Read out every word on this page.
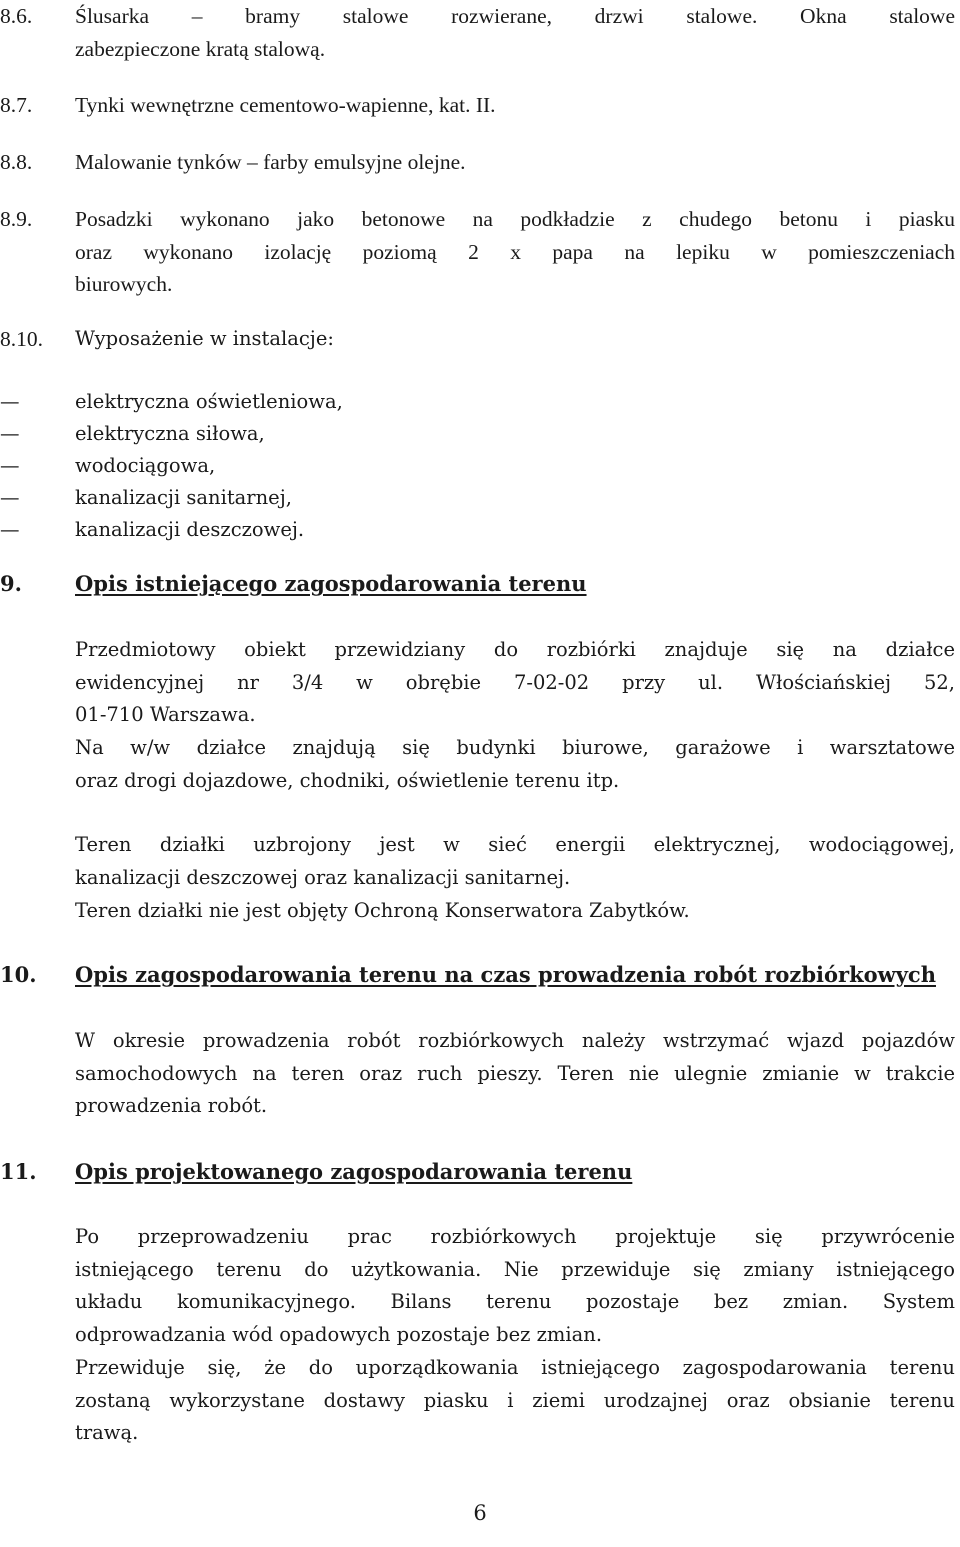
8.6. Ślusarka – bramy stalowe rozwierane, drzwi stalowe. Okna stalowe
zabezpieczone kratą stalową.
8.7. Tynki wewnętrzne cementowo-wapienne, kat. II.
8.8. Malowanie tynków – farby emulsyjne olejne.
8.9. Posadzki wykonano jako betonowe na podkładzie z chudego betonu i piasku
oraz wykonano izolację poziomą 2 x papa na lepiku w pomieszczeniach
biurowych.
8.10. Wyposażenie w instalacje:
—	elektryczna oświetleniowa,
—	elektryczna siłowa,
—	wodociągowa,
—	kanalizacji sanitarnej,
—	kanalizacji deszczowej.
9.	Opis istniejącego zagospodarowania terenu
Przedmiotowy obiekt przewidziany do rozbiórki znajduje się na działce
ewidencyjnej nr 3/4 w obrębie 7-02-02 przy ul. Włościańskiej 52,
01-710 Warszawa.
Na w/w działce znajdują się budynki biurowe, garażowe i warsztatowe
oraz drogi dojazdowe, chodniki, oświetlenie terenu itp.
Teren działki uzbrojony jest w sieć energii elektrycznej, wodociągowej,
kanalizacji deszczowej oraz kanalizacji sanitarnej.
Teren działki nie jest objęty Ochroną Konserwatora Zabytków.
10. Opis zagospodarowania terenu na czas prowadzenia robót rozbiórkowych
W okresie prowadzenia robót rozbiórkowych należy wstrzymać wjazd pojazdów
samochodowych na teren oraz ruch pieszy. Teren nie ulegnie zmianie w trakcie
prowadzenia robót.
11. Opis projektowanego zagospodarowania terenu
Po przeprowadzeniu prac rozbiórkowych projektuje się przywrócenie
istniejącego terenu do użytkowania. Nie przewiduje się zmiany istniejącego
układu komunikacyjnego. Bilans terenu pozostaje bez zmian. System
odprowadzania wód opadowych pozostaje bez zmian.
Przewiduje się, że do uporządkowania istniejącego zagospodarowania terenu
zostaną wykorzystane dostawy piasku i ziemi urodzajnej oraz obsianie terenu
trawą.
6
